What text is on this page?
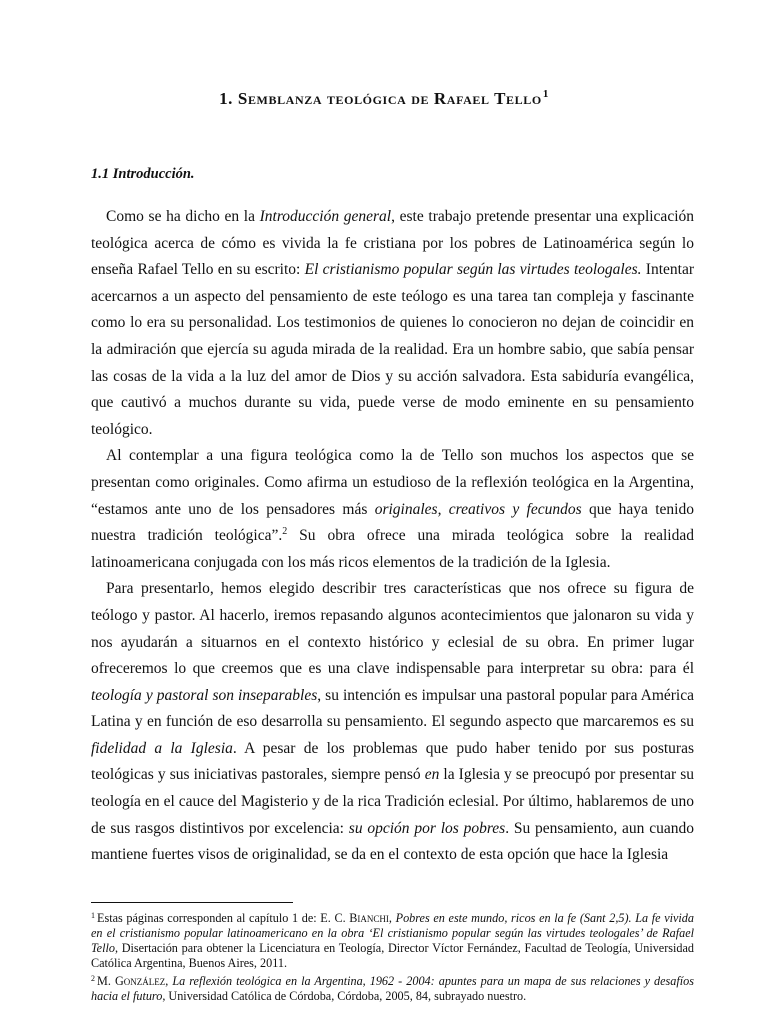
1. Semblanza teológica de Rafael Tello$^1$
1.1 Introducción.

Como se ha dicho en la Introducción general, este trabajo pretende presentar una explicación teológica acerca de cómo es vivida la fe cristiana por los pobres de Latinoamérica según lo enseña Rafael Tello en su escrito: El cristianismo popular según las virtudes teologales. Intentar acercarnos a un aspecto del pensamiento de este teólogo es una tarea tan compleja y fascinante como lo era su personalidad. Los testimonios de quienes lo conocieron no dejan de coincidir en la admiración que ejercía su aguda mirada de la realidad. Era un hombre sabio, que sabía pensar las cosas de la vida a la luz del amor de Dios y su acción salvadora. Esta sabiduría evangélica, que cautivó a muchos durante su vida, puede verse de modo eminente en su pensamiento teológico.

Al contemplar a una figura teológica como la de Tello son muchos los aspectos que se presentan como originales. Como afirma un estudioso de la reflexión teológica en la Argentina, “estamos ante uno de los pensadores más originales, creativos y fecundos que haya tenido nuestra tradición teológica”.$^2$ Su obra ofrece una mirada teológica sobre la realidad latinoamericana conjugada con los más ricos elementos de la tradición de la Iglesia.

Para presentarlo, hemos elegido describir tres características que nos ofrece su figura de teólogo y pastor. Al hacerlo, iremos repasando algunos acontecimientos que jalonaron su vida y nos ayudarán a situarnos en el contexto histórico y eclesial de su obra. En primer lugar ofreceremos lo que creemos que es una clave indispensable para interpretar su obra: para él teología y pastoral son inseparables, su intención es impulsar una pastoral popular para América Latina y en función de eso desarrolla su pensamiento. El segundo aspecto que marcaremos es su fidelidad a la Iglesia. A pesar de los problemas que pudo haber tenido por sus posturas teológicas y sus iniciativas pastorales, siempre pensó en la Iglesia y se preocupó por presentar su teología en el cauce del Magisterio y de la rica Tradición eclesial. Por último, hablaremos de uno de sus rasgos distintivos por excelencia: su opción por los pobres. Su pensamiento, aun cuando mantiene fuertes visos de originalidad, se da en el contexto de esta opción que hace la Iglesia

$^1$ Estas páginas corresponden al capítulo 1 de: E. C. Bianchi, Pobres en este mundo, ricos en la fe (Sant 2,5). La fe vivida en el cristianismo popular latinoamericano en la obra ‘El cristianismo popular según las virtudes teologales’ de Rafael Tello, Disertación para obtener la Licenciatura en Teología, Director Víctor Fernández, Facultad de Teología, Universidad Católica Argentina, Buenos Aires, 2011.

$^2$ M. González, La reflexión teológica en la Argentina, 1962 - 2004: apuntes para un mapa de sus relaciones y desafíos hacia el futuro, Universidad Católica de Córdoba, Córdoba, 2005, 84, subrayado nuestro.
